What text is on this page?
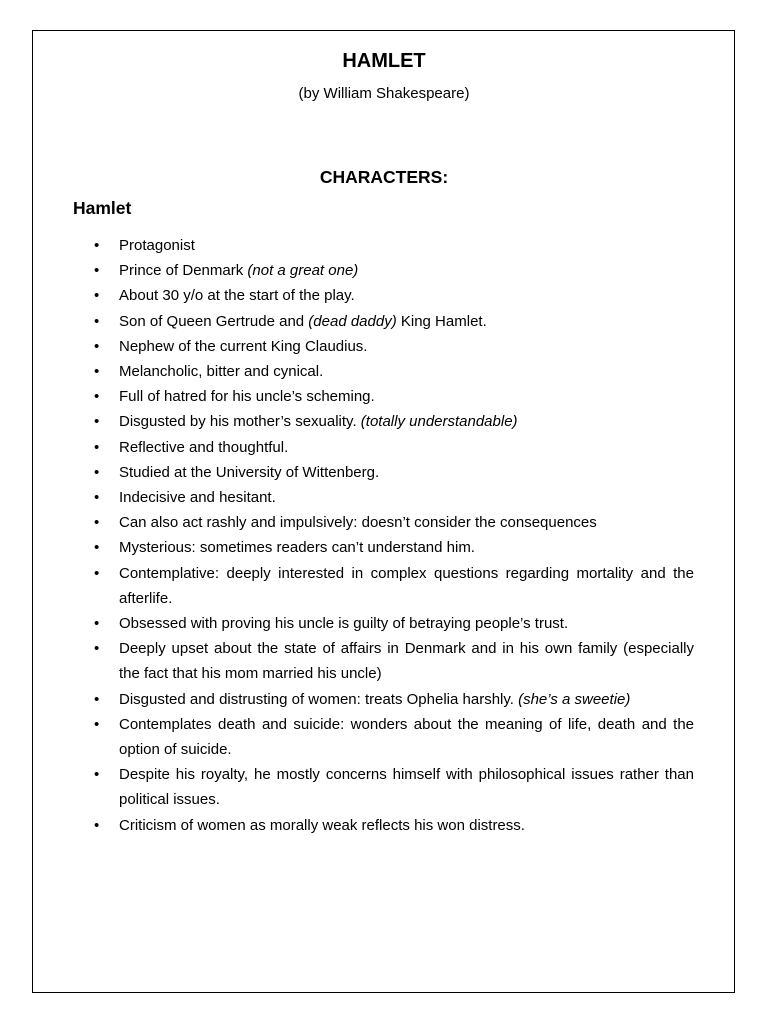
HAMLET

(by William Shakespeare)

CHARACTERS:
Hamlet
• Protagonist
• Prince of Denmark (not a great one)
• About 30 y/o at the start of the play.
• Son of Queen Gertrude and (dead daddy) King Hamlet.
• Nephew of the current King Claudius.
• Melancholic, bitter and cynical.
• Full of hatred for his uncle’s scheming.
• Disgusted by his mother’s sexuality. (totally understandable)
• Reflective and thoughtful.
• Studied at the University of Wittenberg.
• Indecisive and hesitant.
• Can also act rashly and impulsively: doesn’t consider the consequences
• Mysterious: sometimes readers can’t understand him.
• Contemplative: deeply interested in complex questions regarding mortality and the afterlife.
• Obsessed with proving his uncle is guilty of betraying people’s trust.
• Deeply upset about the state of affairs in Denmark and in his own family (especially the fact that his mom married his uncle)
• Disgusted and distrusting of women: treats Ophelia harshly. (she’s a sweetie)
• Contemplates death and suicide: wonders about the meaning of life, death and the option of suicide.
• Despite his royalty, he mostly concerns himself with philosophical issues rather than political issues.
• Criticism of women as morally weak reflects his won distress.
